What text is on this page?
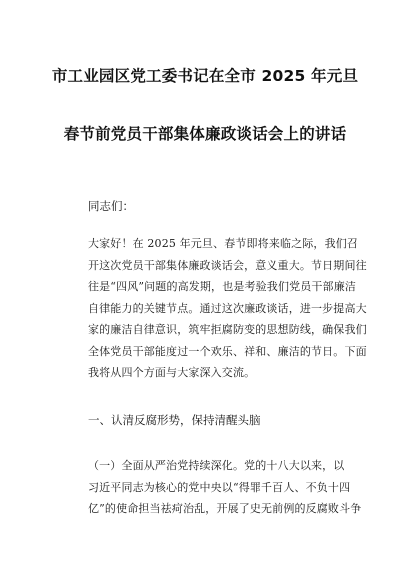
市工业园区党工委书记在全市 2025 年元旦
春节前党员干部集体廉政谈话会上的讲话
同志们：
大家好！在 2025 年元旦、春节即将来临之际，我们召
开这次党员干部集体廉政谈话会，意义重大。节日期间往
往是“四风”问题的高发期，也是考验我们党员干部廉洁
自律能力的关键节点。通过这次廉政谈话，进一步提高大
家的廉洁自律意识，筑牢拒腐防变的思想防线，确保我们
全体党员干部能度过一个欢乐、祥和、廉洁的节日。下面
我将从四个方面与大家深入交流。
一、认清反腐形势，保持清醒头脑
（一）全面从严治党持续深化。党的十八大以来，以
习近平同志为核心的党中央以“得罪千百人、不负十四
亿”的使命担当祛疴治乱，开展了史无前例的反腐败斗争
